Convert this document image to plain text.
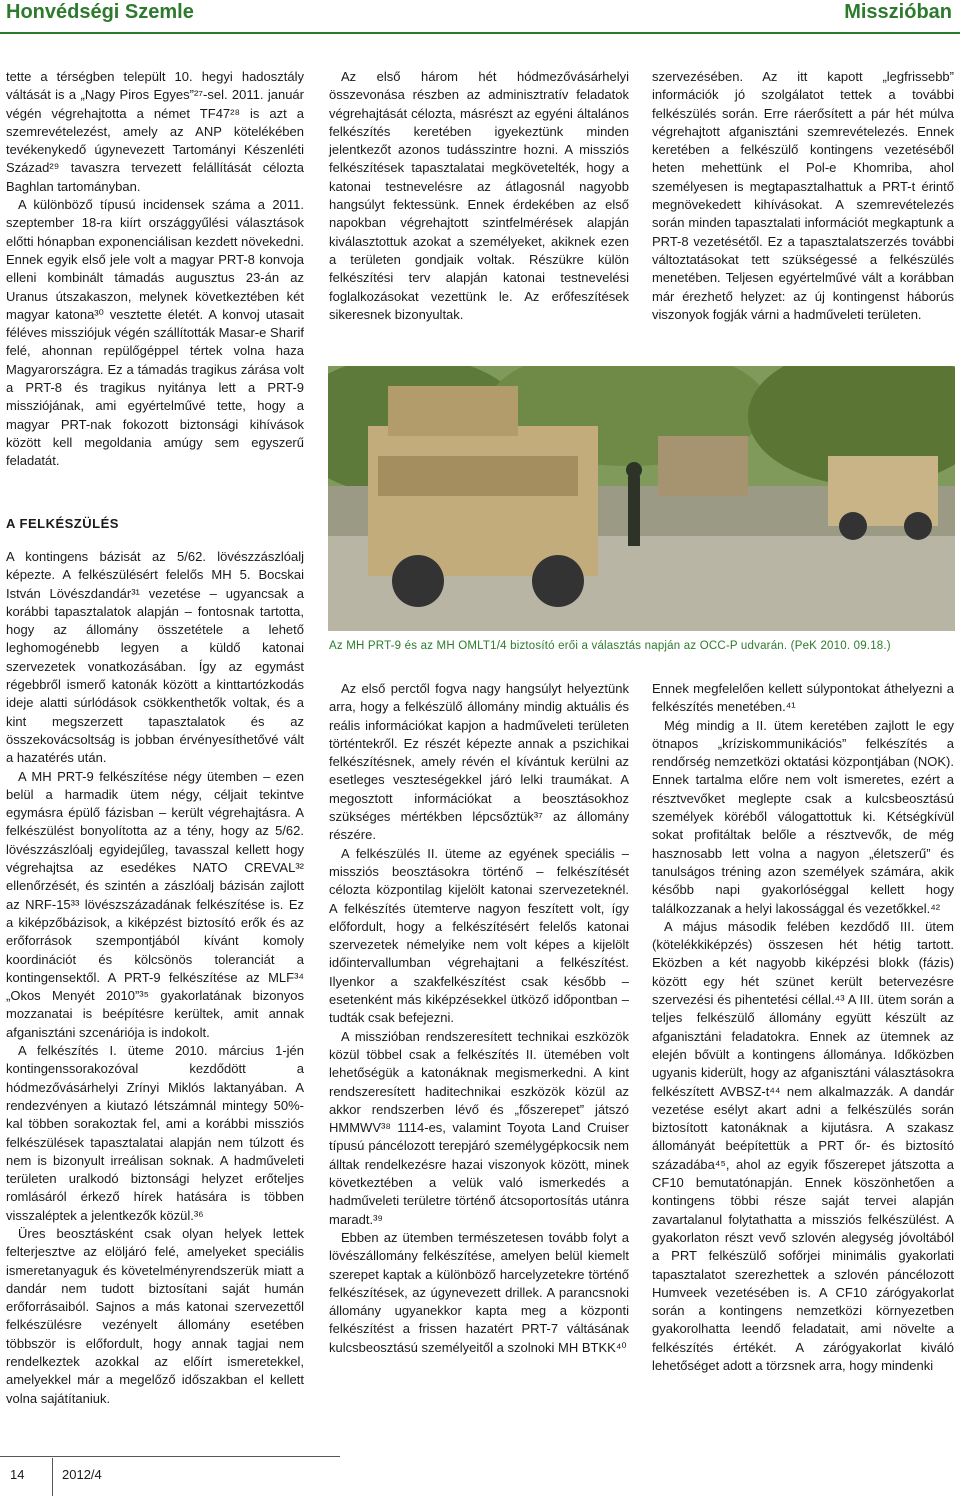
Honvédségi Szemle	Misszióban

tette a térségben települt 10. hegyi hadosztály váltását is a „Nagy Piros Egyes”²⁷-sel. 2011. január végén végrehajtotta a német TF47²⁸ is azt a szemrevételezést, amely az ANP kötelékében tevékenykedő úgynevezett Tartományi Készenléti Század²⁹ tavaszra tervezett felállítását célozta Baghlan tartományban.

A különböző típusú incidensek száma a 2011. szeptember 18-ra kiírt országgyűlési választások előtti hónapban exponenciálisan kezdett növekedni. Ennek egyik első jele volt a magyar PRT-8 konvoja elleni kombinált támadás augusztus 23-án az Uranus útszakaszon, melynek következtében két magyar katona³⁰ vesztette életét. A konvoj utasait féléves missziójuk végén szállították Masar-e Sharif felé, ahonnan repülőgéppel tértek volna haza Magyarországra. Ez a támadás tragikus zárása volt a PRT-8 és tragikus nyitánya lett a PRT-9 missziójának, ami egyértelművé tette, hogy a magyar PRT-nak fokozott biztonsági kihívások között kell megoldania amúgy sem egyszerű feladatát.

A FELKÉSZÜLÉS

A kontingens bázisát az 5/62. lövészzászlóalj képezte. A felkészülésért felelős MH 5. Bocskai István Lövészdandár³¹ vezetése – ugyancsak a korábbi tapasztalatok alapján – fontosnak tartotta, hogy az állomány összetétele a lehető leghomogénebb legyen a küldő katonai szervezetek vonatkozásában. Így az egymást régebbről ismerő katonák között a kinttartózkodás ideje alatti súrlódások csökkenthetők voltak, és a kint megszerzett tapasztalatok és az összekovácsoltság is jobban érvényesíthetővé vált a hazatérés után.

A MH PRT-9 felkészítése négy ütemben – ezen belül a harmadik ütem négy, céljait tekintve egymásra épülő fázisban – került végrehajtásra. A felkészülést bonyolította az a tény, hogy az 5/62. lövészzászlóalj egyidejűleg, tavasszal kellett hogy végrehajtsa az esedékes NATO CREVAL³² ellenőrzését, és szintén a zászlóalj bázisán zajlott az NRF-15³³ lövészszázadának felkészítése is. Ez a kiképzőbázisok, a kiképzést biztosító erők és az erőforrások szempontjából kívánt komoly koordinációt és kölcsönös toleranciát a kontingensektől. A PRT-9 felkészítése az MLF³⁴ „Okos Menyét 2010”³⁵ gyakorlatának bizonyos mozzanatai is beépítésre kerültek, amit annak afganisztáni szcenáriója is indokolt.

A felkészítés I. üteme 2010. március 1-jén kontingenssorakozóval kezdődött a hódmezővásárhelyi Zrínyi Miklós laktanyában. A rendezvényen a kiutazó létszámnál mintegy 50%-kal többen sorakoztak fel, ami a korábbi missziós felkészülések tapasztalatai alapján nem túlzott és nem is bizonyult irreálisan soknak. A hadműveleti területen uralkodó biztonsági helyzet erőteljes romlásáról érkező hírek hatására is többen visszaléptek a jelentkezők közül.³⁶

Üres beosztásként csak olyan helyek lettek felterjesztve az elöljáró felé, amelyeket speciális ismeretanyaguk és követelményrendszerük miatt a dandár nem tudott biztosítani saját humán erőforrásaiból. Sajnos a más katonai szervezettől felkészülésre vezényelt állomány esetében többször is előfordult, hogy annak tagjai nem rendelkeztek azokkal az előírt ismeretekkel, amelyekkel már a megelőző időszakban el kellett volna sajátítaniuk.

Az első három hét hódmezővásárhelyi összevonása részben az adminisztratív feladatok végrehajtását célozta, másrészt az egyéni általános felkészítés keretében igyekeztünk minden jelentkezőt azonos tudásszintre hozni. A missziós felkészítések tapasztalatai megkövetelték, hogy a katonai testnevelésre az átlagosnál nagyobb hangsúlyt fektessünk. Ennek érdekében az első napokban végrehajtott szintfelmérések alapján kiválasztottuk azokat a személyeket, akiknek ezen a területen gondjaik voltak. Részükre külön felkészítési terv alapján katonai testnevelési foglalkozásokat vezettünk le. Az erőfeszítések sikeresnek bizonyultak.

szervezésében. Az itt kapott „legfrissebb” információk jó szolgálatot tettek a további felkészülés során. Erre ráerősített a pár hét múlva végrehajtott afganisztáni szemrevételezés. Ennek keretében a felkészülő kontingens vezetéséből heten mehettünk el Pol-e Khomriba, ahol személyesen is megtapasztalhattuk a PRT-t érintő megnövekedett kihívásokat. A szemrevételezés során minden tapasztalati információt megkaptunk a PRT-8 vezetésétől. Ez a tapasztalatszerzés további változtatásokat tett szükségessé a felkészülés menetében. Teljesen egyértelművé vált a korábban már érezhető helyzet: az új kontingenst háborús viszonyok fogják várni a hadműveleti területen.

Az MH PRT-9 és az MH OMLT1/4 biztosító erői a választás napján az OCC-P udvarán. (PeK 2010. 09.18.)

Az első perctől fogva nagy hangsúlyt helyeztünk arra, hogy a felkészülő állomány mindig aktuális és reális információkat kapjon a hadműveleti területen történtekről. Ez részét képezte annak a pszichikai felkészítésnek, amely révén el kívántuk kerülni az esetleges veszteségekkel járó lelki traumákat. A megosztott információkat a beosztásokhoz szükséges mértékben lépcsőztük³⁷ az állomány részére.

A felkészülés II. üteme az egyének speciális – missziós beosztásokra történő – felkészítését célozta központilag kijelölt katonai szervezeteknél. A felkészítés ütemterve nagyon feszített volt, így előfordult, hogy a felkészítésért felelős katonai szervezetek némelyike nem volt képes a kijelölt időintervallumban végrehajtani a felkészítést. Ilyenkor a szakfelkészítést csak később – esetenként más kiképzésekkel ütköző időpontban – tudták csak befejezni.

A misszióban rendszeresített technikai eszközök közül többel csak a felkészítés II. ütemében volt lehetőségük a katonáknak megismerkedni. A kint rendszeresített haditechnikai eszközök közül az akkor rendszerben lévő és „főszerepet” játszó HMMWV³⁸ 1114-es, valamint Toyota Land Cruiser típusú páncélozott terepjáró személygépkocsik nem álltak rendelkezésre hazai viszonyok között, minek következtében a velük való ismerkedés a hadműveleti területre történő átcsoportosítás utánra maradt.³⁹

Ebben az ütemben természetesen tovább folyt a lövészállomány felkészítése, amelyen belül kiemelt szerepet kaptak a különböző harcelyzetekre történő felkészítések, az úgynevezett drillek. A parancsnoki állomány ugyanekkor kapta meg a központi felkészítést a frissen hazatért PRT-7 váltásának kulcsbeosztású személyeitől a szolnoki MH BTKK⁴⁰

Ennek megfelelően kellett súlypontokat áthelyezni a felkészítés menetében.⁴¹

Még mindig a II. ütem keretében zajlott le egy ötnapos „kríziskommunikációs” felkészítés a rendőrség nemzetközi oktatási központjában (NOK). Ennek tartalma előre nem volt ismeretes, ezért a résztvevőket meglepte csak a kulcsbeosztású személyek köréből válogattottuk ki. Kétségkívül sokat profitáltak belőle a résztvevők, de még hasznosabb lett volna a nagyon „életszerű” és tanulságos tréning azon személyek számára, akik később napi gyakorlóséggal kellett hogy találkozzanak a helyi lakossággal és vezetőkkel.⁴²

A május második felében kezdődő III. ütem (kötelékkiképzés) összesen hét hétig tartott. Eközben a két nagyobb kiképzési blokk (fázis) között egy hét szünet került betervezésre szervezési és pihentetési céllal.⁴³ A III. ütem során a teljes felkészülő állomány együtt készült az afganisztáni feladatokra. Ennek az ütemnek az elején bővült a kontingens állománya. Időközben ugyanis kiderült, hogy az afganisztáni választásokra felkészített AVBSZ-t⁴⁴ nem alkalmazzák. A dandár vezetése esélyt akart adni a felkészülés során biztosított katonáknak a kijutásra. A szakasz állományát beépítettük a PRT őr- és biztosító századába⁴⁵, ahol az egyik főszerepet játszotta a CF10 bemutatónapján. Ennek köszönhetően a kontingens többi része saját tervei alapján zavartalanul folytathatta a missziós felkészülést. A gyakorlaton részt vevő szlovén alegység jóvoltából a PRT felkészülő sofőrjei minimális gyakorlati tapasztalatot szerezhettek a szlovén páncélozott Humveek vezetésében is. A CF10 zárógyakorlat során a kontingens nemzetközi környezetben gyakorolhatta leendő feladatait, ami növelte a felkészítés értékét. A zárógyakorlat kiváló lehetőséget adott a törzsnek arra, hogy mindenki

14	2012/4
